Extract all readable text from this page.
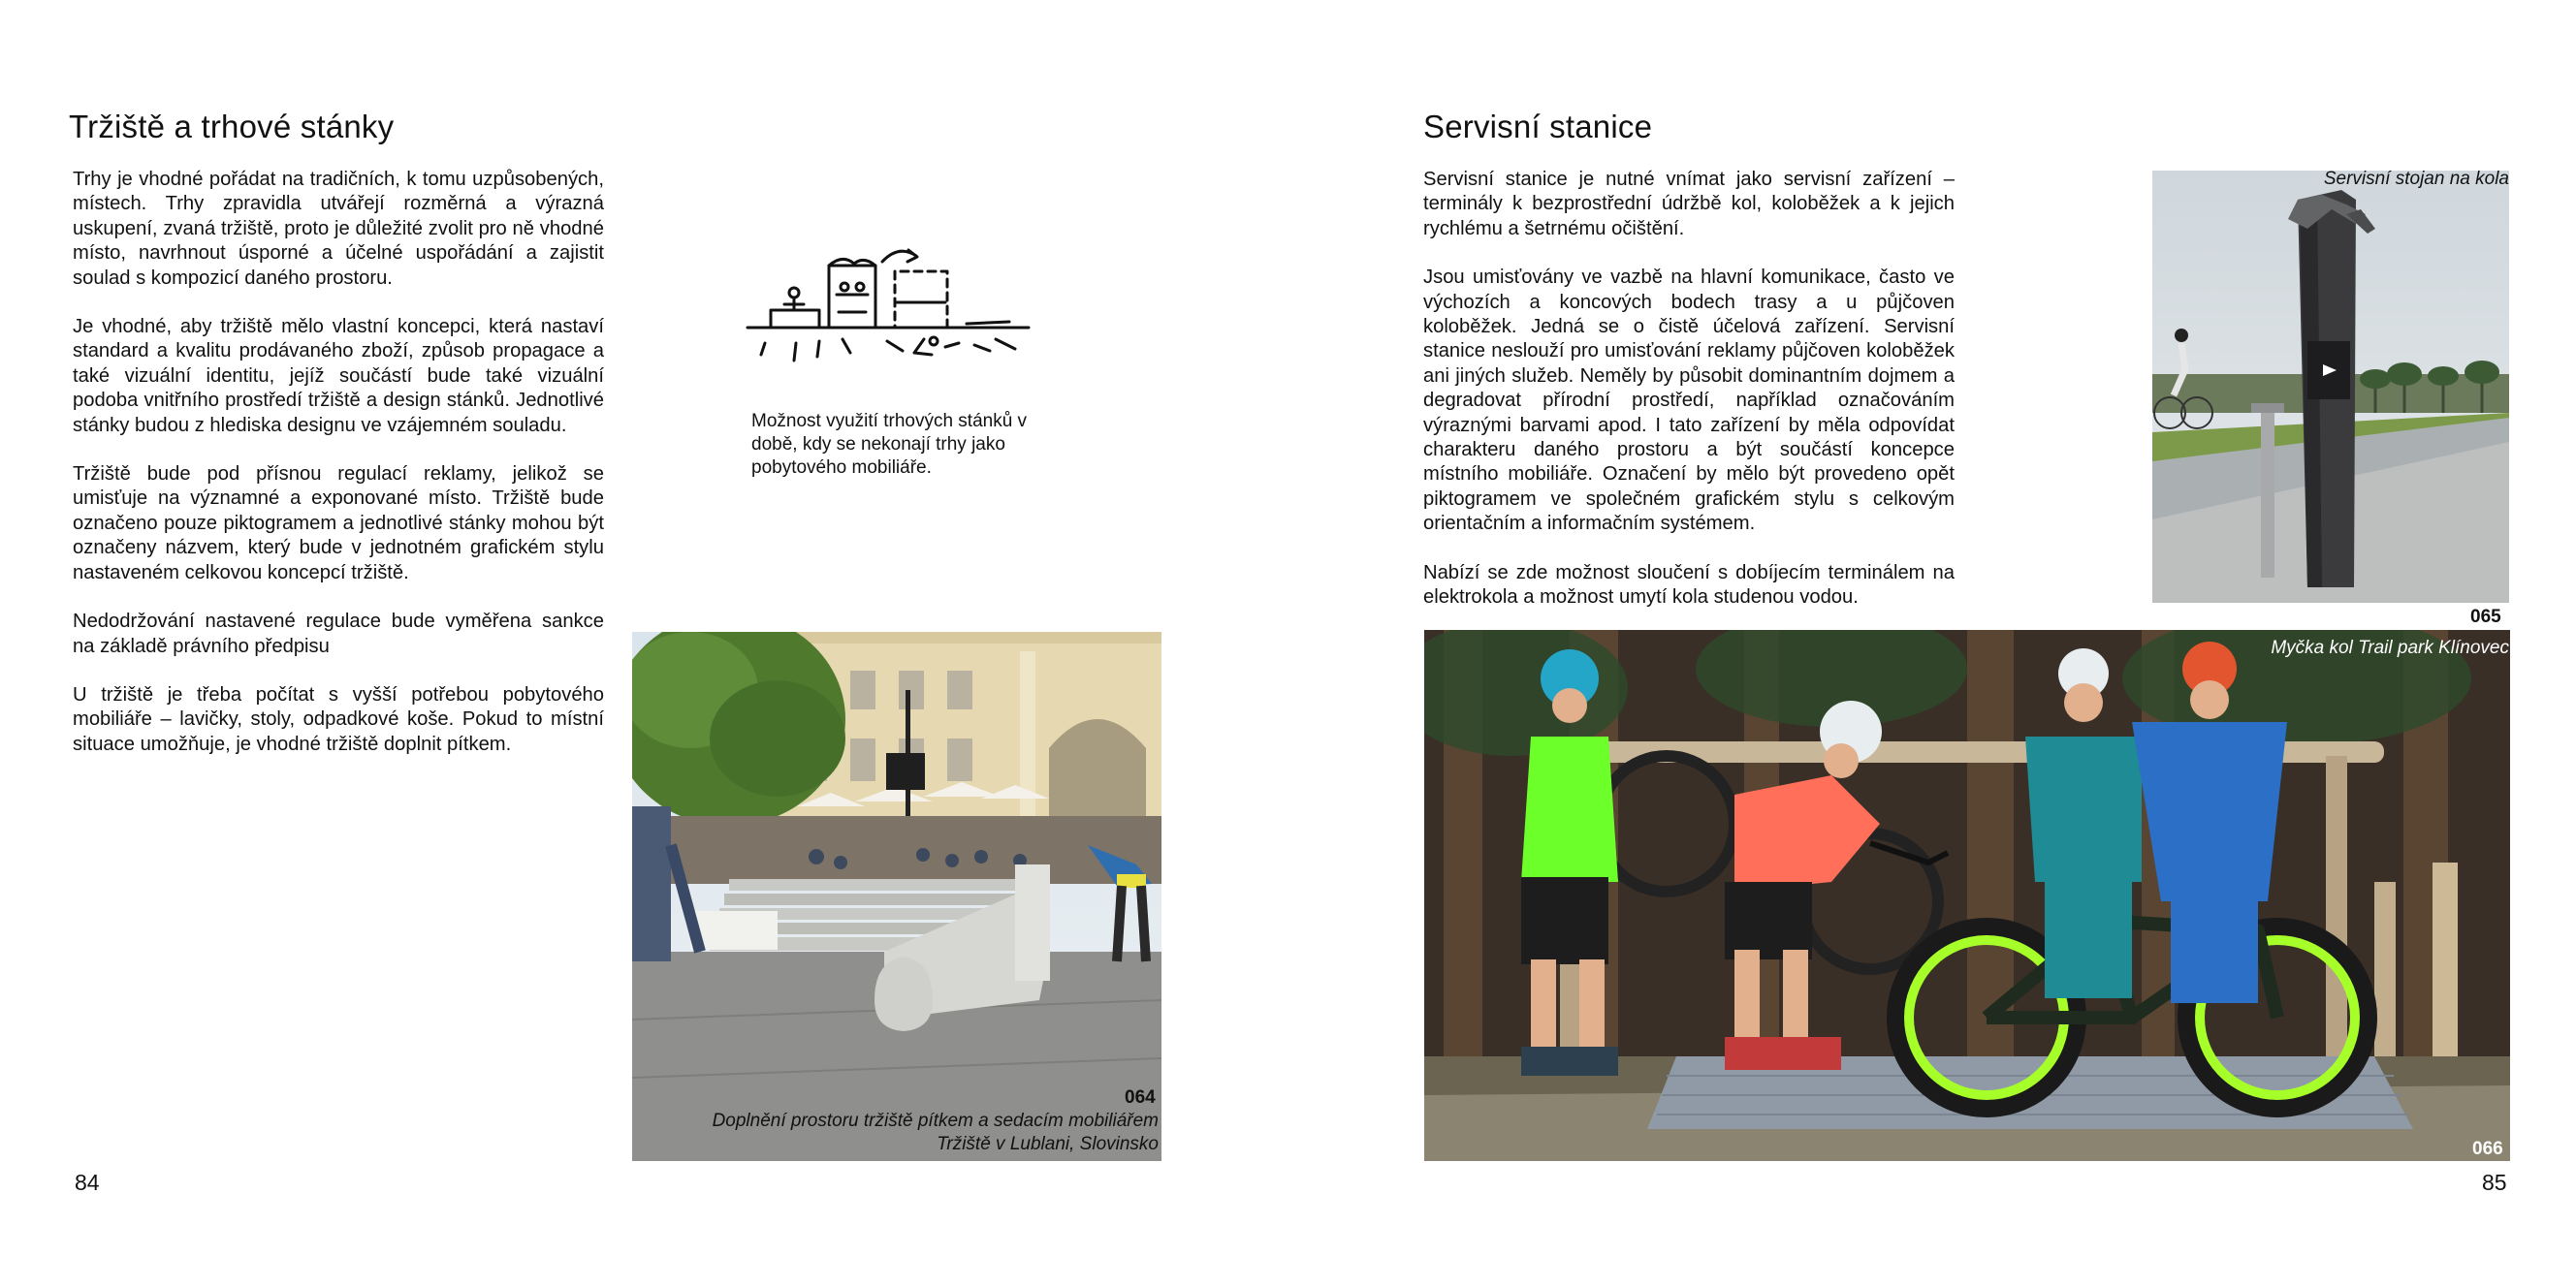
Tržiště a trhové stánky

Trhy je vhodné pořádat na tradičních, k tomu uzpůsobených, místech. Trhy zpravidla utvářejí rozměrná a výrazná uskupení, zvaná tržiště, proto je důležité zvolit pro ně vhodné místo, navrhnout úsporné a účelné uspořádání a zajistit soulad s kompozicí daného prostoru.

Je vhodné, aby tržiště mělo vlastní koncepci, která nastaví standard a kvalitu prodávaného zboží, způsob propagace a také vizuální identitu, jejíž součástí bude také vizuální podoba vnitřního prostředí tržiště a design stánků. Jednotlivé stánky budou z hlediska designu ve vzájemném souladu.

Tržiště bude pod přísnou regulací reklamy, jelikož se umisťuje na významné a exponované místo. Tržiště bude označeno pouze piktogramem a jednotlivé stánky mohou být označeny názvem, který bude v jednotném grafickém stylu nastaveném celkovou koncepcí tržiště.

Nedodržování nastavené regulace bude vyměřena sankce na základě právního předpisu

U tržiště je třeba počítat s vyšší potřebou pobytového mobiliáře – lavičky, stoly, odpadkové koše. Pokud to místní situace umožňuje, je vhodné tržiště doplnit pítkem.

Možnost využití trhových stánků v době, kdy se nekonají trhy jako pobytového mobiliáře.
064
Doplnění prostoru tržiště pítkem a sedacím mobiliářem
Tržiště v Lublani, Slovinsko
84
Servisní stanice

Servisní stanice je nutné vnímat jako servisní zařízení – terminály k bezprostřední údržbě kol, koloběžek a k jejich rychlému a šetrnému očištění.

Jsou umisťovány ve vazbě na hlavní komunikace, často ve výchozích a koncových bodech trasy a u půjčoven koloběžek. Jedná se o čistě účelová zařízení. Servisní stanice neslouží pro umisťování reklamy půjčoven koloběžek ani jiných služeb. Neměly by působit dominantním dojmem a degradovat přírodní prostředí, například označováním výraznými barvami apod. I tato zařízení by měla odpovídat charakteru daného prostoru a být součástí koncepce místního mobiliáře. Označení by mělo být provedeno opět piktogramem ve společném grafickém stylu s celkovým orientačním a informačním systémem.

Nabízí se zde možnost sloučení s dobíjecím terminálem na elektrokola a možnost umytí kola studenou vodou.

Servisní stojan na kola
065
Myčka kol Trail park Klínovec
066
85
